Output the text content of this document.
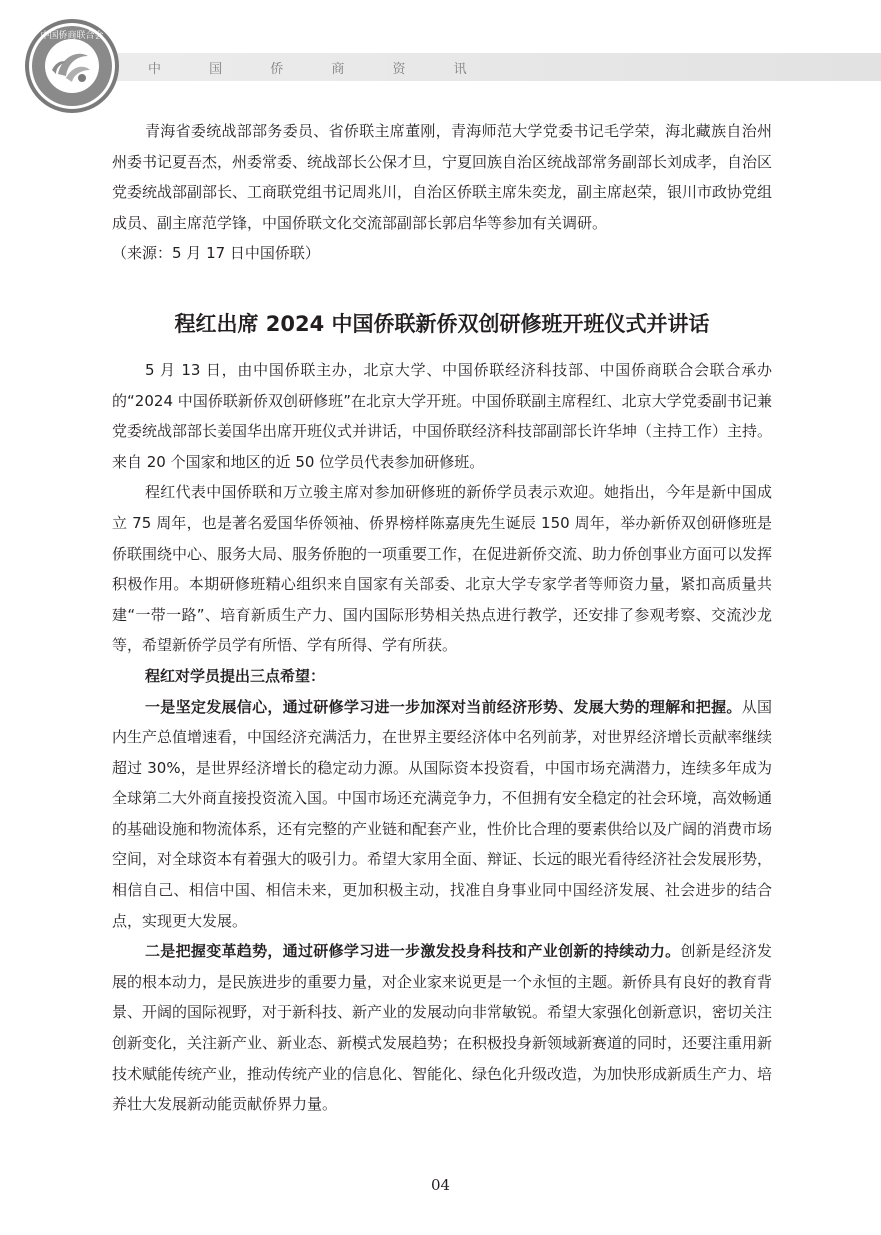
中国侨商联合会
中 国 侨 商 资 讯

青海省委统战部部务委员、省侨联主席董刚，青海师范大学党委书记毛学荣，海北藏族自治州州委书记夏吾杰，州委常委、统战部长公保才旦，宁夏回族自治区统战部常务副部长刘成孝，自治区党委统战部副部长、工商联党组书记周兆川，自治区侨联主席朱奕龙，副主席赵荣，银川市政协党组成员、副主席范学锋，中国侨联文化交流部副部长郭启华等参加有关调研。

（来源：5 月 17 日中国侨联）

程红出席 2024 中国侨联新侨双创研修班开班仪式并讲话

5 月 13 日，由中国侨联主办，北京大学、中国侨联经济科技部、中国侨商联合会联合承办的“2024 中国侨联新侨双创研修班”在北京大学开班。中国侨联副主席程红、北京大学党委副书记兼党委统战部部长姜国华出席开班仪式并讲话，中国侨联经济科技部副部长许华坤（主持工作）主持。来自 20 个国家和地区的近 50 位学员代表参加研修班。

程红代表中国侨联和万立骏主席对参加研修班的新侨学员表示欢迎。她指出，今年是新中国成立 75 周年，也是著名爱国华侨领袖、侨界榜样陈嘉庚先生诞辰 150 周年，举办新侨双创研修班是侨联围绕中心、服务大局、服务侨胞的一项重要工作，在促进新侨交流、助力侨创事业方面可以发挥积极作用。本期研修班精心组织来自国家有关部委、北京大学专家学者等师资力量，紧扣高质量共建“一带一路”、培育新质生产力、国内国际形势相关热点进行教学，还安排了参观考察、交流沙龙等，希望新侨学员学有所悟、学有所得、学有所获。

程红对学员提出三点希望：

一是坚定发展信心，通过研修学习进一步加深对当前经济形势、发展大势的理解和把握。从国内生产总值增速看，中国经济充满活力，在世界主要经济体中名列前茅，对世界经济增长贡献率继续超过 30%，是世界经济增长的稳定动力源。从国际资本投资看，中国市场充满潜力，连续多年成为全球第二大外商直接投资流入国。中国市场还充满竞争力，不但拥有安全稳定的社会环境，高效畅通的基础设施和物流体系，还有完整的产业链和配套产业，性价比合理的要素供给以及广阔的消费市场空间，对全球资本有着强大的吸引力。希望大家用全面、辩证、长远的眼光看待经济社会发展形势，相信自己、相信中国、相信未来，更加积极主动，找准自身事业同中国经济发展、社会进步的结合点，实现更大发展。

二是把握变革趋势，通过研修学习进一步激发投身科技和产业创新的持续动力。创新是经济发展的根本动力，是民族进步的重要力量，对企业家来说更是一个永恒的主题。新侨具有良好的教育背景、开阔的国际视野，对于新科技、新产业的发展动向非常敏锐。希望大家强化创新意识，密切关注创新变化，关注新产业、新业态、新模式发展趋势；在积极投身新领域新赛道的同时，还要注重用新技术赋能传统产业，推动传统产业的信息化、智能化、绿色化升级改造，为加快形成新质生产力、培养壮大发展新动能贡献侨界力量。

04
